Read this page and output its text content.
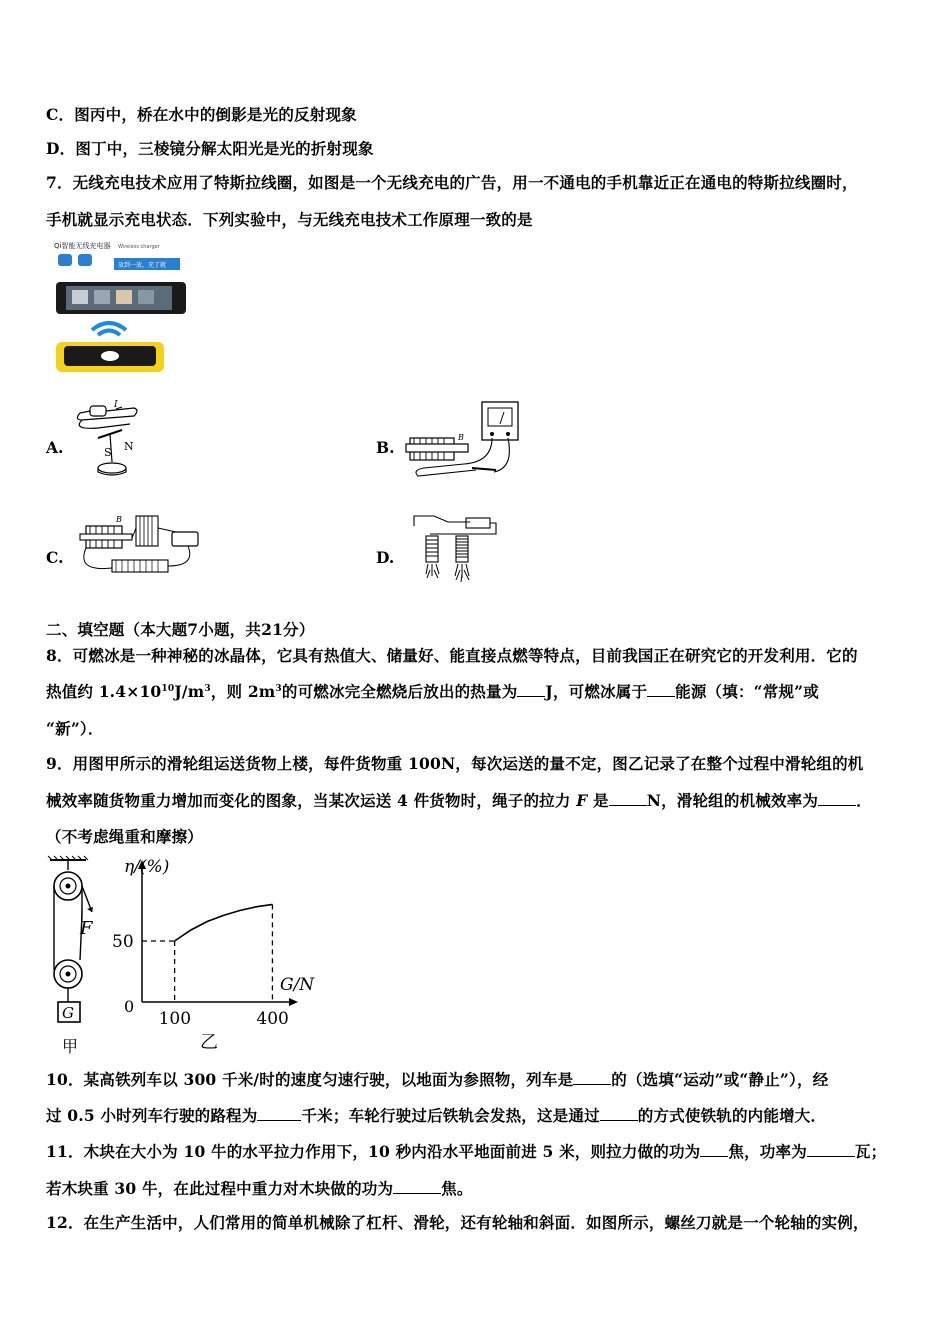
C．图丙中，桥在水中的倒影是光的反射现象
D．图丁中，三棱镜分解太阳光是光的折射现象
7．无线充电技术应用了特斯拉线圈，如图是一个无线充电的广告，用一不通电的手机靠近正在通电的特斯拉线圈时，
手机就显示充电状态．下列实验中，与无线充电技术工作原理一致的是
Qi智能无线充电器 Wireless charger
放到一放，充了就
A.	B.
C.	D.
I
S N
B
B
二、填空题（本大题7小题，共21分）
8．可燃冰是一种神秘的冰晶体，它具有热值大、储量好、能直接点燃等特点，目前我国正在研究它的开发利用．它的
热值约 $1.4\times 10^{10}J/m^3$，则 $2m^3$的可燃冰完全燃烧后放出的热量为 J，可燃冰属于 能源（填：“常规”或
“新”）．
9．用图甲所示的滑轮组运送货物上楼，每件货物重 100N，每次运送的量不定，图乙记录了在整个过程中滑轮组的机
械效率随货物重力增加而变化的图象，当某次运送 4 件货物时，绳子的拉力 F 是 N，滑轮组的机械效率为 ．
（不考虑绳重和摩擦）
F
G
甲
η/(%)
G/N
0
50
100	400
乙
10．某高铁列车以 300 千米/时的速度匀速行驶，以地面为参照物，列车是 的（选填“运动”或“静止”），经
过 0.5 小时列车行驶的路程为	千米；车轮行驶过后铁轨会发热，这是通过 的方式使铁轨的内能增大．
11．木块在大小为 10 牛的水平拉力作用下，10 秒内沿水平地面前进 5 米，则拉力做的功为 焦，功率为	瓦；
若木块重 30 牛，在此过程中重力对木块做的功为	焦。
12．在生产生活中，人们常用的简单机械除了杠杆、滑轮，还有轮轴和斜面．如图所示，螺丝刀就是一个轮轴的实例，
